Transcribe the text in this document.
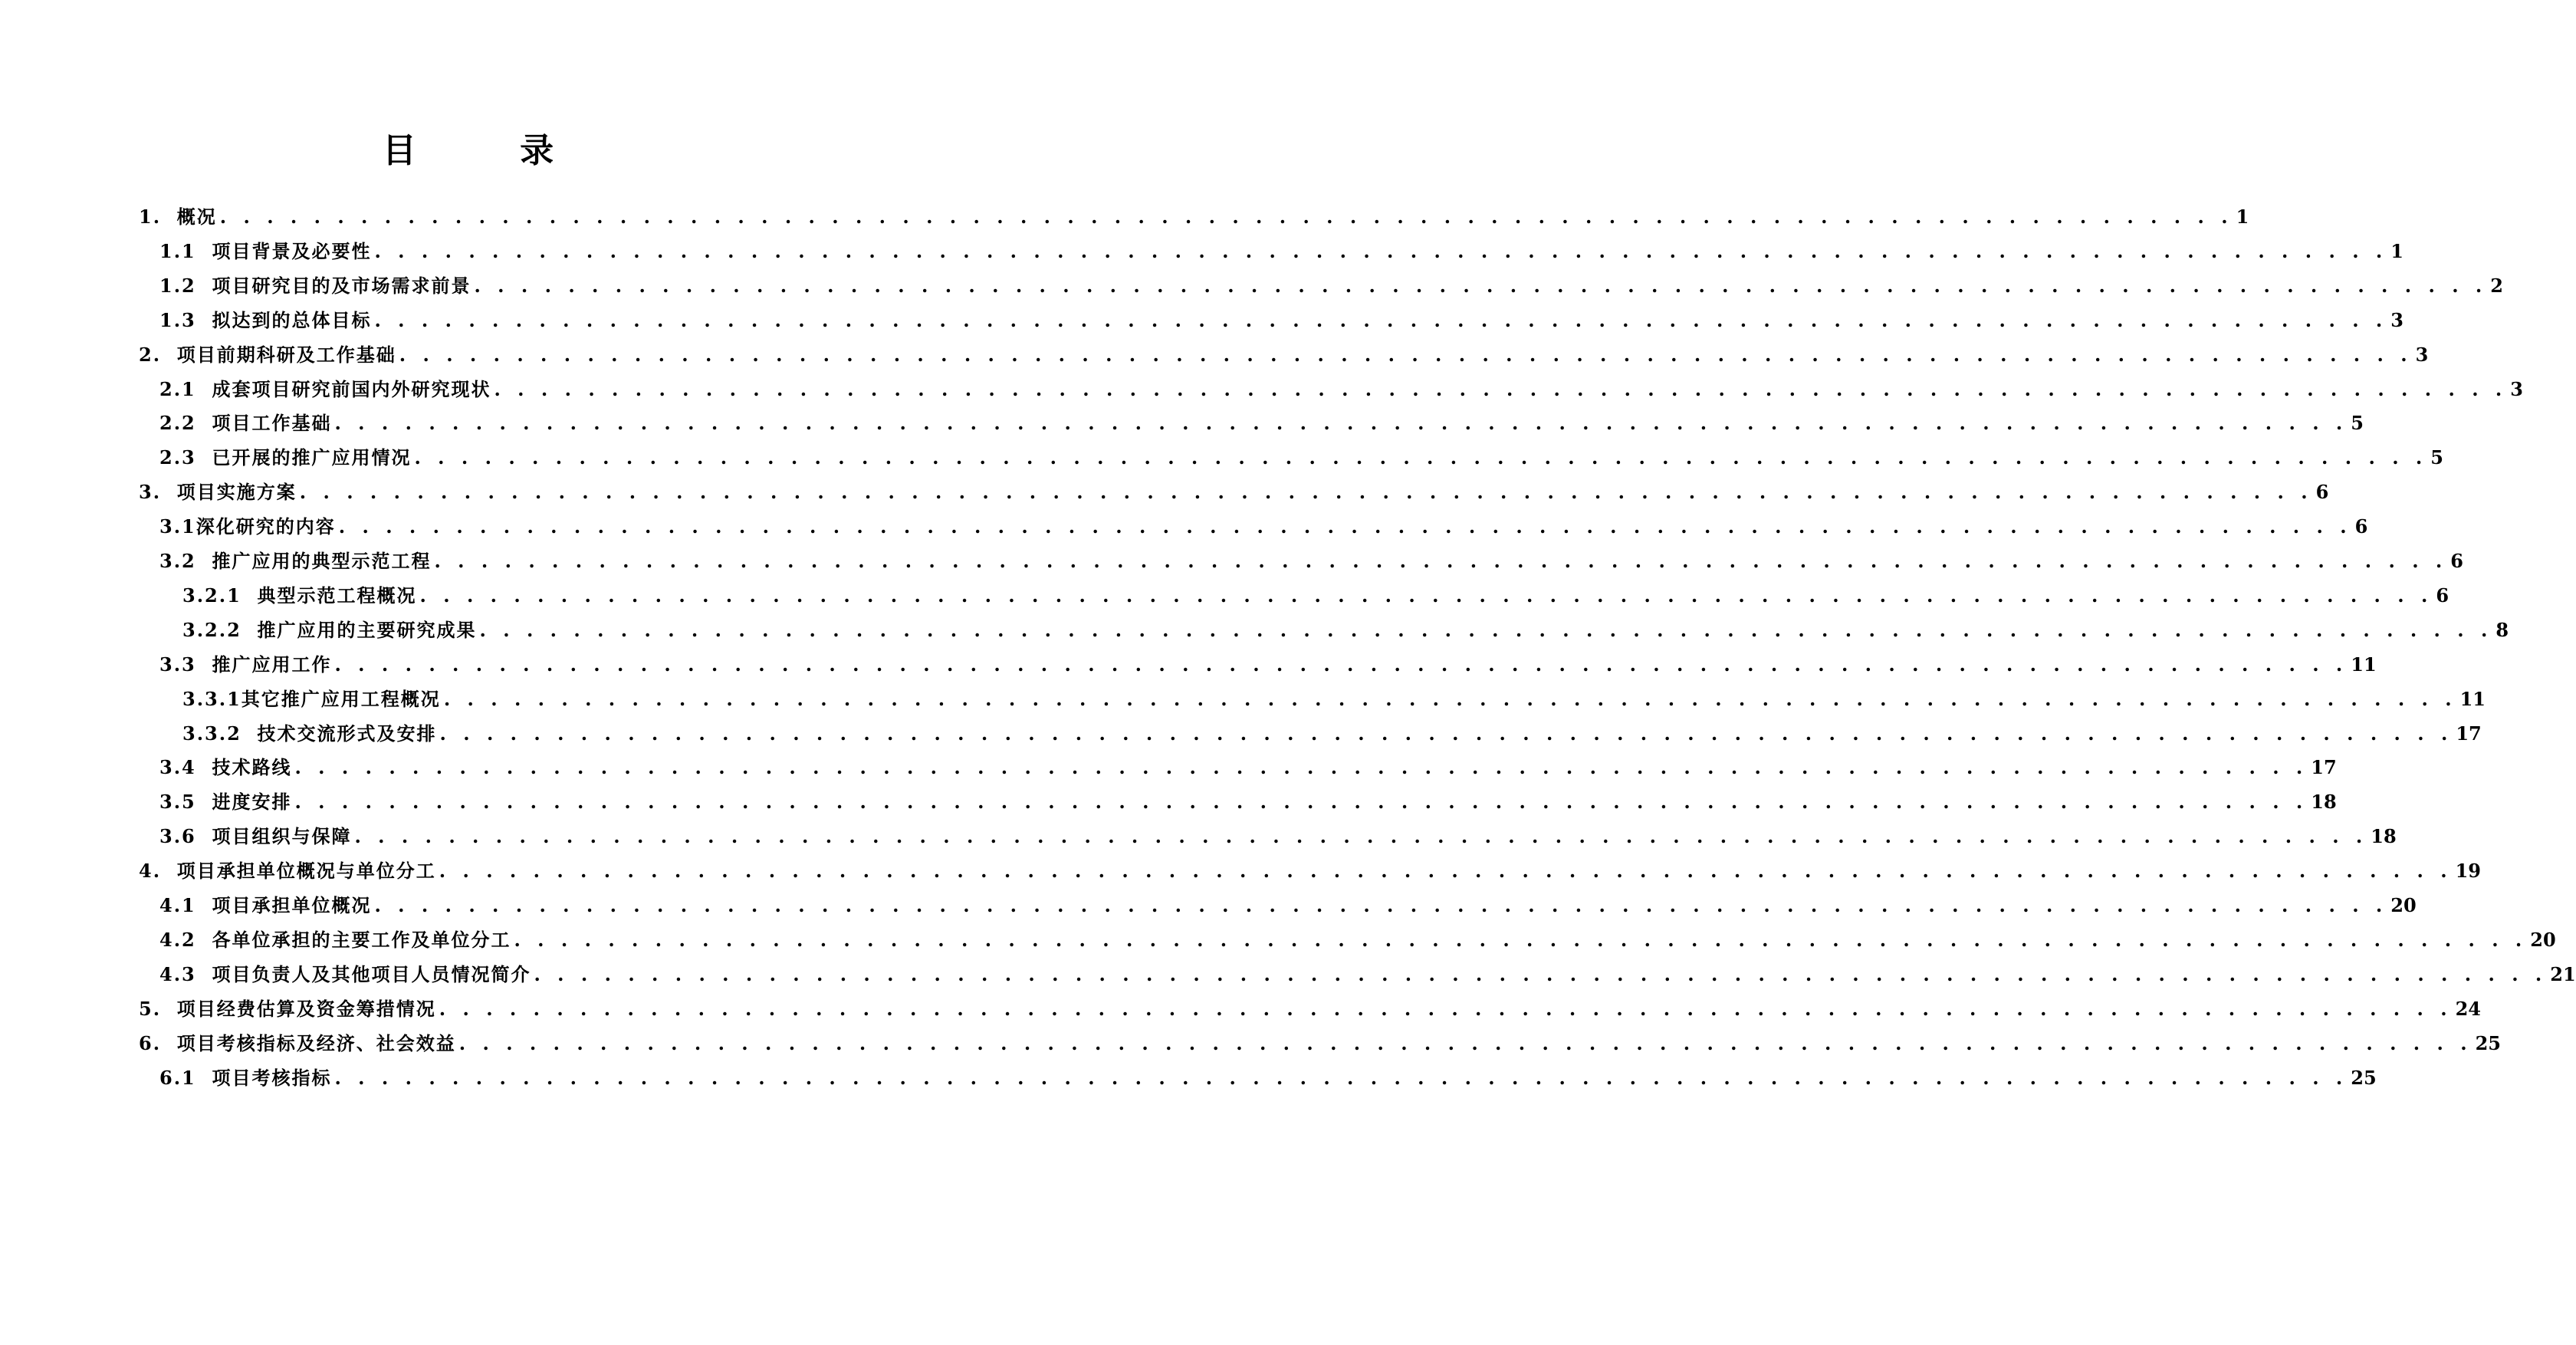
目 录
1.  概况 . . . . . . . . . . . . . . . . . . . . . . . . . . . . . . . . . . . . . . . . . . . . . . . . . . . . . . . . . . . . . . . . . . . . . . . . . . . . . . . . . . . . . . 1
1.1  项目背景及必要性 . . . . . . . . . . . . . . . . . . . . . . . . . . . . . . . . . . . . . . . . . . . . . . . . . . . . . . . . . . . . . . . . . . . . . . . . . . . . . . . . . . . . . . 1
1.2  项目研究目的及市场需求前景 . . . . . . . . . . . . . . . . . . . . . . . . . . . . . . . . . . . . . . . . . . . . . . . . . . . . . . . . . . . . . . . . . . . . . . . . . . . . . . . . . . . . . . 2
1.3  拟达到的总体目标 . . . . . . . . . . . . . . . . . . . . . . . . . . . . . . . . . . . . . . . . . . . . . . . . . . . . . . . . . . . . . . . . . . . . . . . . . . . . . . . . . . . . . . 3
2.  项目前期科研及工作基础 . . . . . . . . . . . . . . . . . . . . . . . . . . . . . . . . . . . . . . . . . . . . . . . . . . . . . . . . . . . . . . . . . . . . . . . . . . . . . . . . . . . . . . 3
2.1  成套项目研究前国内外研究现状 . . . . . . . . . . . . . . . . . . . . . . . . . . . . . . . . . . . . . . . . . . . . . . . . . . . . . . . . . . . . . . . . . . . . . . . . . . . . . . . . . . . . . . 3
2.2  项目工作基础 . . . . . . . . . . . . . . . . . . . . . . . . . . . . . . . . . . . . . . . . . . . . . . . . . . . . . . . . . . . . . . . . . . . . . . . . . . . . . . . . . . . . . . 5
2.3  已开展的推广应用情况 . . . . . . . . . . . . . . . . . . . . . . . . . . . . . . . . . . . . . . . . . . . . . . . . . . . . . . . . . . . . . . . . . . . . . . . . . . . . . . . . . . . . . . 5
3.  项目实施方案 . . . . . . . . . . . . . . . . . . . . . . . . . . . . . . . . . . . . . . . . . . . . . . . . . . . . . . . . . . . . . . . . . . . . . . . . . . . . . . . . . . . . . . 6
3.1深化研究的内容 . . . . . . . . . . . . . . . . . . . . . . . . . . . . . . . . . . . . . . . . . . . . . . . . . . . . . . . . . . . . . . . . . . . . . . . . . . . . . . . . . . . . . . 6
3.2  推广应用的典型示范工程 . . . . . . . . . . . . . . . . . . . . . . . . . . . . . . . . . . . . . . . . . . . . . . . . . . . . . . . . . . . . . . . . . . . . . . . . . . . . . . . . . . . . . . 6
3.2.1  典型示范工程概况 . . . . . . . . . . . . . . . . . . . . . . . . . . . . . . . . . . . . . . . . . . . . . . . . . . . . . . . . . . . . . . . . . . . . . . . . . . . . . . . . . . . . . . 6
3.2.2  推广应用的主要研究成果 . . . . . . . . . . . . . . . . . . . . . . . . . . . . . . . . . . . . . . . . . . . . . . . . . . . . . . . . . . . . . . . . . . . . . . . . . . . . . . . . . . . . . . 8
3.3  推广应用工作 . . . . . . . . . . . . . . . . . . . . . . . . . . . . . . . . . . . . . . . . . . . . . . . . . . . . . . . . . . . . . . . . . . . . . . . . . . . . . . . . . . . . . . 11
3.3.1其它推广应用工程概况 . . . . . . . . . . . . . . . . . . . . . . . . . . . . . . . . . . . . . . . . . . . . . . . . . . . . . . . . . . . . . . . . . . . . . . . . . . . . . . . . . . . . . . 11
3.3.2  技术交流形式及安排 . . . . . . . . . . . . . . . . . . . . . . . . . . . . . . . . . . . . . . . . . . . . . . . . . . . . . . . . . . . . . . . . . . . . . . . . . . . . . . . . . . . . . . 17
3.4  技术路线 . . . . . . . . . . . . . . . . . . . . . . . . . . . . . . . . . . . . . . . . . . . . . . . . . . . . . . . . . . . . . . . . . . . . . . . . . . . . . . . . . . . . . . 17
3.5  进度安排 . . . . . . . . . . . . . . . . . . . . . . . . . . . . . . . . . . . . . . . . . . . . . . . . . . . . . . . . . . . . . . . . . . . . . . . . . . . . . . . . . . . . . . 18
3.6  项目组织与保障 . . . . . . . . . . . . . . . . . . . . . . . . . . . . . . . . . . . . . . . . . . . . . . . . . . . . . . . . . . . . . . . . . . . . . . . . . . . . . . . . . . . . . . 18
4.  项目承担单位概况与单位分工 . . . . . . . . . . . . . . . . . . . . . . . . . . . . . . . . . . . . . . . . . . . . . . . . . . . . . . . . . . . . . . . . . . . . . . . . . . . . . . . . . . . . . . 19
4.1  项目承担单位概况 . . . . . . . . . . . . . . . . . . . . . . . . . . . . . . . . . . . . . . . . . . . . . . . . . . . . . . . . . . . . . . . . . . . . . . . . . . . . . . . . . . . . . . 20
4.2  各单位承担的主要工作及单位分工 . . . . . . . . . . . . . . . . . . . . . . . . . . . . . . . . . . . . . . . . . . . . . . . . . . . . . . . . . . . . . . . . . . . . . . . . . . . . . . . . . . . . . . 20
4.3  项目负责人及其他项目人员情况简介 . . . . . . . . . . . . . . . . . . . . . . . . . . . . . . . . . . . . . . . . . . . . . . . . . . . . . . . . . . . . . . . . . . . . . . . . . . . . . . . . . . . . . . 21
5.  项目经费估算及资金筹措情况 . . . . . . . . . . . . . . . . . . . . . . . . . . . . . . . . . . . . . . . . . . . . . . . . . . . . . . . . . . . . . . . . . . . . . . . . . . . . . . . . . . . . . . 24
6.  项目考核指标及经济、社会效益 . . . . . . . . . . . . . . . . . . . . . . . . . . . . . . . . . . . . . . . . . . . . . . . . . . . . . . . . . . . . . . . . . . . . . . . . . . . . . . . . . . . . . . 25
6.1  项目考核指标 . . . . . . . . . . . . . . . . . . . . . . . . . . . . . . . . . . . . . . . . . . . . . . . . . . . . . . . . . . . . . . . . . . . . . . . . . . . . . . . . . . . . . . 25
